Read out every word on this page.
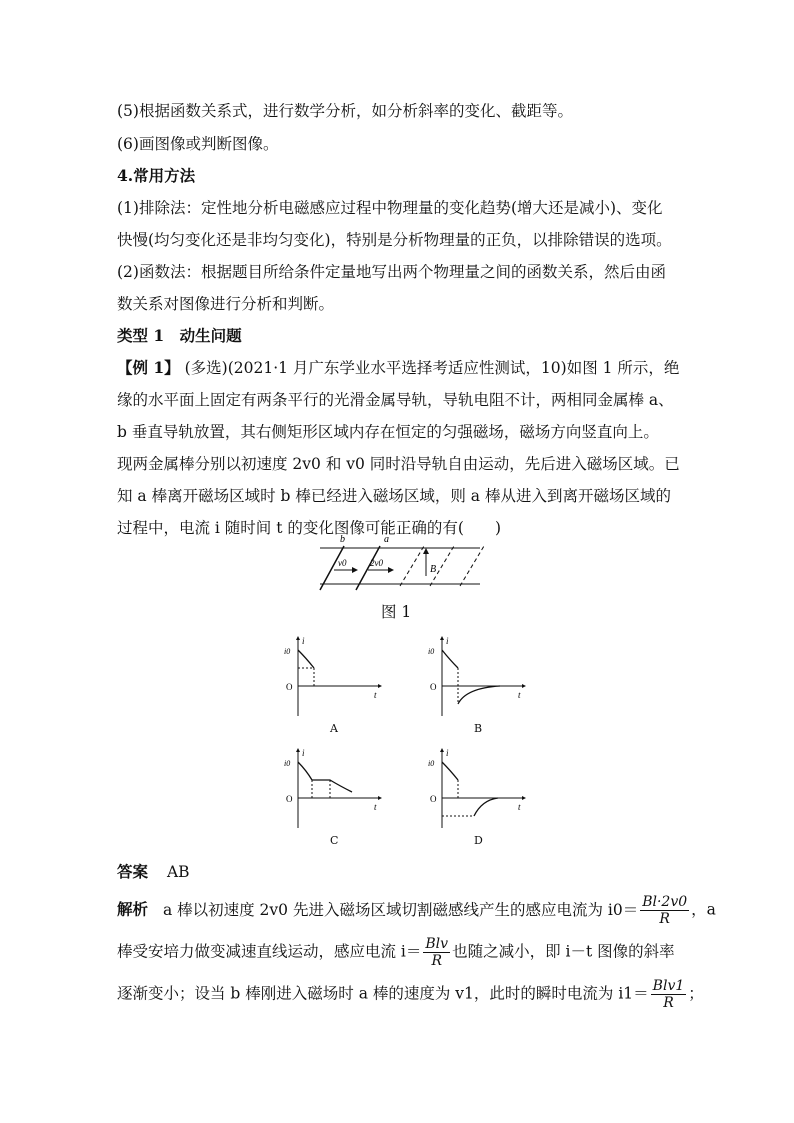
(5)根据函数关系式，进行数学分析，如分析斜率的变化、截距等。
(6)画图像或判断图像。
4.常用方法
(1)排除法：定性地分析电磁感应过程中物理量的变化趋势(增大还是减小)、变化
快慢(均匀变化还是非均匀变化)，特别是分析物理量的正负，以排除错误的选项。
(2)函数法：根据题目所给条件定量地写出两个物理量之间的函数关系，然后由函
数关系对图像进行分析和判断。
类型 1　动生问题
【例 1】 (多选)(2021·1 月广东学业水平选择考适应性测试，10)如图 1 所示，绝
缘的水平面上固定有两条平行的光滑金属导轨，导轨电阻不计，两相同金属棒 a、
b 垂直导轨放置，其右侧矩形区域内存在恒定的匀强磁场，磁场方向竖直向上。
现两金属棒分别以初速度 2v0 和 v0 同时沿导轨自由运动，先后进入磁场区域。已
知 a 棒离开磁场区域时 b 棒已经进入磁场区域，则 a 棒从进入到离开磁场区域的
过程中，电流 i 随时间 t 的变化图像可能正确的有(　　)
b	a
v0	2v0
B
图 1
i
t
O
i0
A
i
t
O
i0
B
i
t
O
i0
C
i
t
O
i0
D
答案 AB
解析 a 棒以初速度 2v0 先进入磁场区域切割磁感线产生的感应电流为 $i0= \frac{Bl\cdot 2v0}{R}$ ，a
棒受安培力做变减速直线运动，感应电流 $i= \frac{\text{Blv}}{R}$ 也随之减小，即 i－t 图像的斜率
逐渐变小；设当 b 棒刚进入磁场时 a 棒的速度为 v1，此时的瞬时电流为 $i1= \frac{\text{Blv1}}{R}$ ；
